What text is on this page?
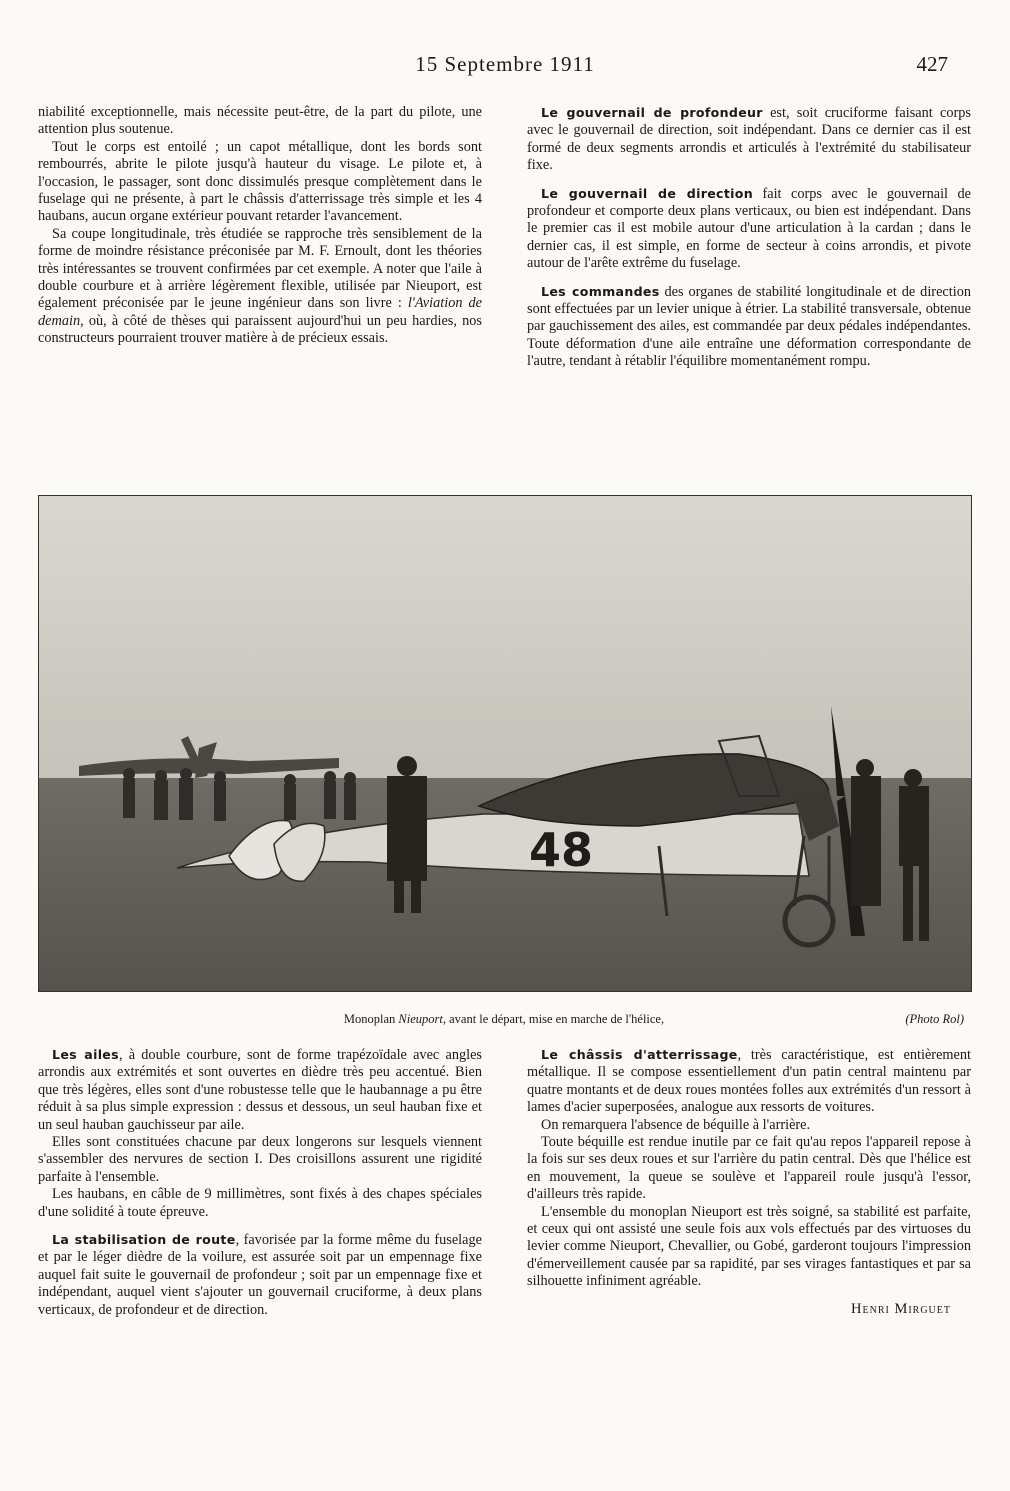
15 Septembre 1911	427

niabilité exceptionnelle, mais nécessite peut-être, de la part du pilote, une attention plus soutenue.

Tout le corps est entoilé ; un capot métallique, dont les bords sont rembourrés, abrite le pilote jusqu'à hauteur du visage. Le pilote et, à l'occasion, le passager, sont donc dissimulés presque complètement dans le fuselage qui ne présente, à part le châssis d'atterrissage très simple et les 4 haubans, aucun organe extérieur pouvant retarder l'avancement.

Sa coupe longitudinale, très étudiée se rapproche très sensiblement de la forme de moindre résistance préconisée par M. F. Ernoult, dont les théories très intéressantes se trouvent confirmées par cet exemple. A noter que l'aile à double courbure et à arrière légèrement flexible, utilisée par Nieuport, est également préconisée par le jeune ingénieur dans son livre : l'Aviation de demain, où, à côté de thèses qui paraissent aujourd'hui un peu hardies, nos constructeurs pourraient trouver matière à de précieux essais.

Le gouvernail de profondeur est, soit cruciforme faisant corps avec le gouvernail de direction, soit indépendant. Dans ce dernier cas il est formé de deux segments arrondis et articulés à l'extrémité du stabilisateur fixe.

Le gouvernail de direction fait corps avec le gouvernail de profondeur et comporte deux plans verticaux, ou bien est indépendant. Dans le premier cas il est mobile autour d'une articulation à la cardan ; dans le dernier cas, il est simple, en forme de secteur à coins arrondis, et pivote autour de l'arête extrême du fuselage.

Les commandes des organes de stabilité longitudinale et de direction sont effectuées par un levier unique à étrier. La stabilité transversale, obtenue par gauchissement des ailes, est commandée par deux pédales indépendantes. Toute déformation d'une aile entraîne une déformation correspondante de l'autre, tendant à rétablir l'équilibre momentanément rompu.

48
Monoplan Nieuport, avant le départ, mise en marche de l'hélice,	(Photo Rol)

Les ailes, à double courbure, sont de forme trapézoïdale avec angles arrondis aux extrémités et sont ouvertes en dièdre très peu accentué. Bien que très légères, elles sont d'une robustesse telle que le haubannage a pu être réduit à sa plus simple expression : dessus et dessous, un seul hauban fixe et un seul hauban gauchisseur par aile.

Elles sont constituées chacune par deux longerons sur lesquels viennent s'assembler des nervures de section I. Des croisillons assurent une rigidité parfaite à l'ensemble.

Les haubans, en câble de 9 millimètres, sont fixés à des chapes spéciales d'une solidité à toute épreuve.

La stabilisation de route, favorisée par la forme même du fuselage et par le léger dièdre de la voilure, est assurée soit par un empennage fixe auquel fait suite le gouvernail de profondeur ; soit par un empennage fixe et indépendant, auquel vient s'ajouter un gouvernail cruciforme, à deux plans verticaux, de profondeur et de direction.

Le châssis d'atterrissage, très caractéristique, est entièrement métallique. Il se compose essentiellement d'un patin central maintenu par quatre montants et de deux roues montées folles aux extrémités d'un ressort à lames d'acier superposées, analogue aux ressorts de voitures.

On remarquera l'absence de béquille à l'arrière.

Toute béquille est rendue inutile par ce fait qu'au repos l'appareil repose à la fois sur ses deux roues et sur l'arrière du patin central. Dès que l'hélice est en mouvement, la queue se soulève et l'appareil roule jusqu'à l'essor, d'ailleurs très rapide.

L'ensemble du monoplan Nieuport est très soigné, sa stabilité est parfaite, et ceux qui ont assisté une seule fois aux vols effectués par des virtuoses du levier comme Nieuport, Chevallier, ou Gobé, garderont toujours l'impression d'émerveillement causée par sa rapidité, par ses virages fantastiques et par sa silhouette infiniment agréable.

Henri Mirguet
